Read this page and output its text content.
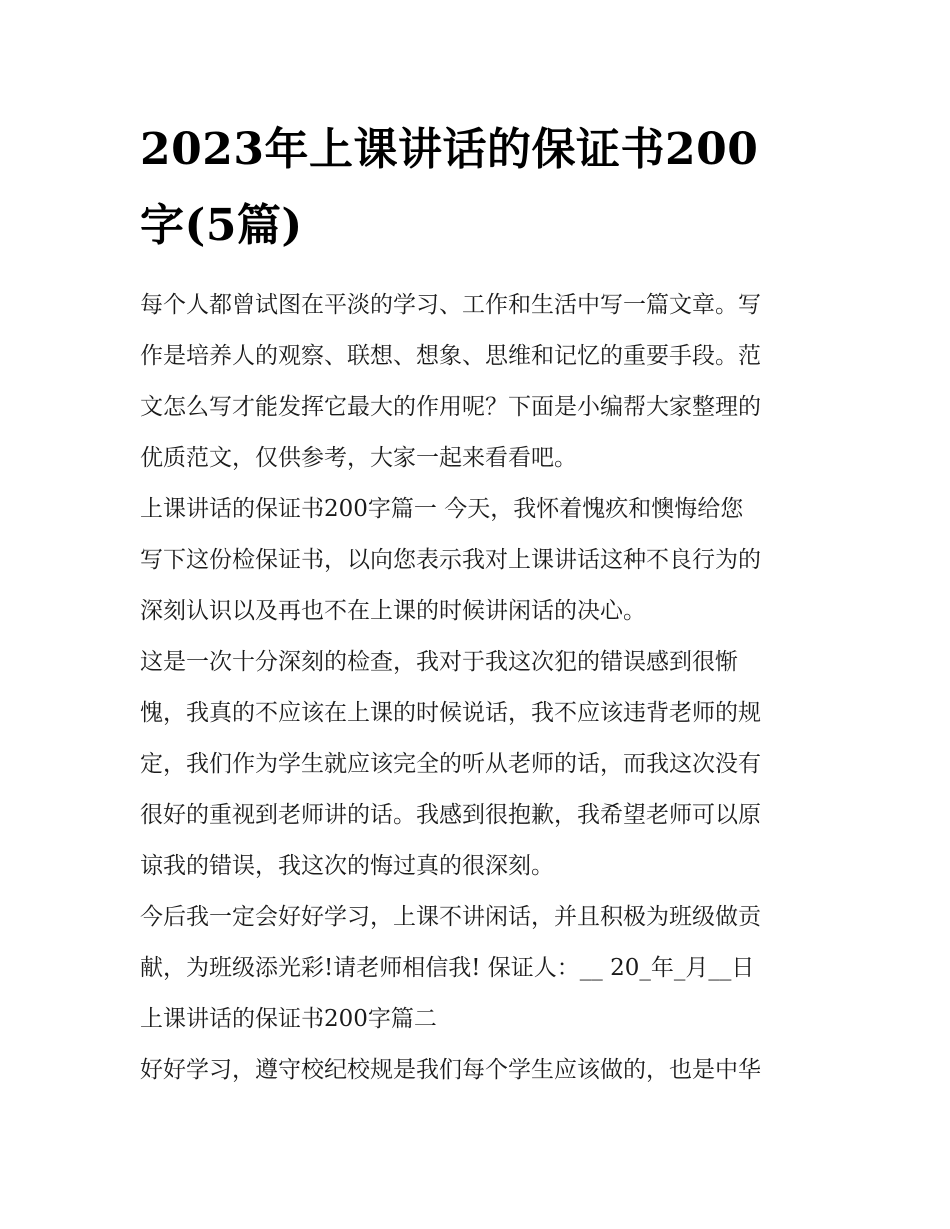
2023年上课讲话的保证书200
字(5篇)

每个人都曾试图在平淡的学习、工作和生活中写一篇文章。写
作是培养人的观察、联想、想象、思维和记忆的重要手段。范
文怎么写才能发挥它最大的作用呢？下面是小编帮大家整理的
优质范文，仅供参考，大家一起来看看吧。

上课讲话的保证书200字篇一 今天，我怀着愧疚和懊悔给您
写下这份检保证书，以向您表示我对上课讲话这种不良行为的
深刻认识以及再也不在上课的时候讲闲话的决心。

这是一次十分深刻的检查，我对于我这次犯的错误感到很惭
愧，我真的不应该在上课的时候说话，我不应该违背老师的规
定，我们作为学生就应该完全的听从老师的话，而我这次没有
很好的重视到老师讲的话。我感到很抱歉，我希望老师可以原
谅我的错误，我这次的悔过真的很深刻。

今后我一定会好好学习，上课不讲闲话，并且积极为班级做贡
献，为班级添光彩!请老师相信我! 保证人：__ 20_年_月__日

上课讲话的保证书200字篇二

好好学习，遵守校纪校规是我们每个学生应该做的，也是中华
